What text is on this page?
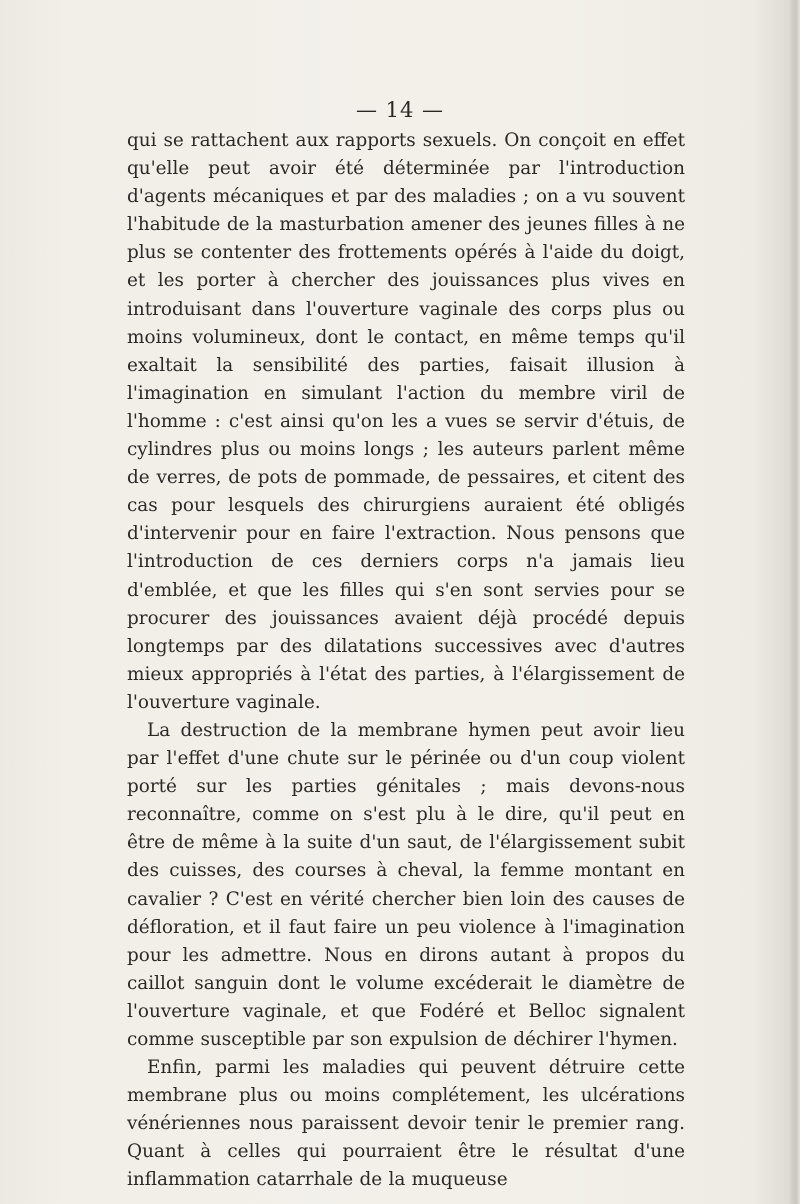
— 14 —

qui se rattachent aux rapports sexuels. On conçoit en effet qu'elle peut avoir été déterminée par l'introduction d'agents mécaniques et par des maladies ; on a vu souvent l'habitude de la masturbation amener des jeunes filles à ne plus se contenter des frottements opérés à l'aide du doigt, et les porter à chercher des jouissances plus vives en introduisant dans l'ouverture vaginale des corps plus ou moins volumineux, dont le contact, en même temps qu'il exaltait la sensibilité des parties, faisait illusion à l'imagination en simulant l'action du membre viril de l'homme : c'est ainsi qu'on les a vues se servir d'étuis, de cylindres plus ou moins longs ; les auteurs parlent même de verres, de pots de pommade, de pessaires, et citent des cas pour lesquels des chirurgiens auraient été obligés d'intervenir pour en faire l'extraction. Nous pensons que l'introduction de ces derniers corps n'a jamais lieu d'emblée, et que les filles qui s'en sont servies pour se procurer des jouissances avaient déjà procédé depuis longtemps par des dilatations successives avec d'autres mieux appropriés à l'état des parties, à l'élargissement de l'ouverture vaginale.

La destruction de la membrane hymen peut avoir lieu par l'effet d'une chute sur le périnée ou d'un coup violent porté sur les parties génitales ; mais devons-nous reconnaître, comme on s'est plu à le dire, qu'il peut en être de même à la suite d'un saut, de l'élargissement subit des cuisses, des courses à cheval, la femme montant en cavalier ? C'est en vérité chercher bien loin des causes de défloration, et il faut faire un peu violence à l'imagination pour les admettre. Nous en dirons autant à propos du caillot sanguin dont le volume excéderait le diamètre de l'ouverture vaginale, et que Fodéré et Belloc signalent comme susceptible par son expulsion de déchirer l'hymen.

Enfin, parmi les maladies qui peuvent détruire cette membrane plus ou moins complétement, les ulcérations vénériennes nous paraissent devoir tenir le premier rang. Quant à celles qui pourraient être le résultat d'une inflammation catarrhale de la muqueuse
